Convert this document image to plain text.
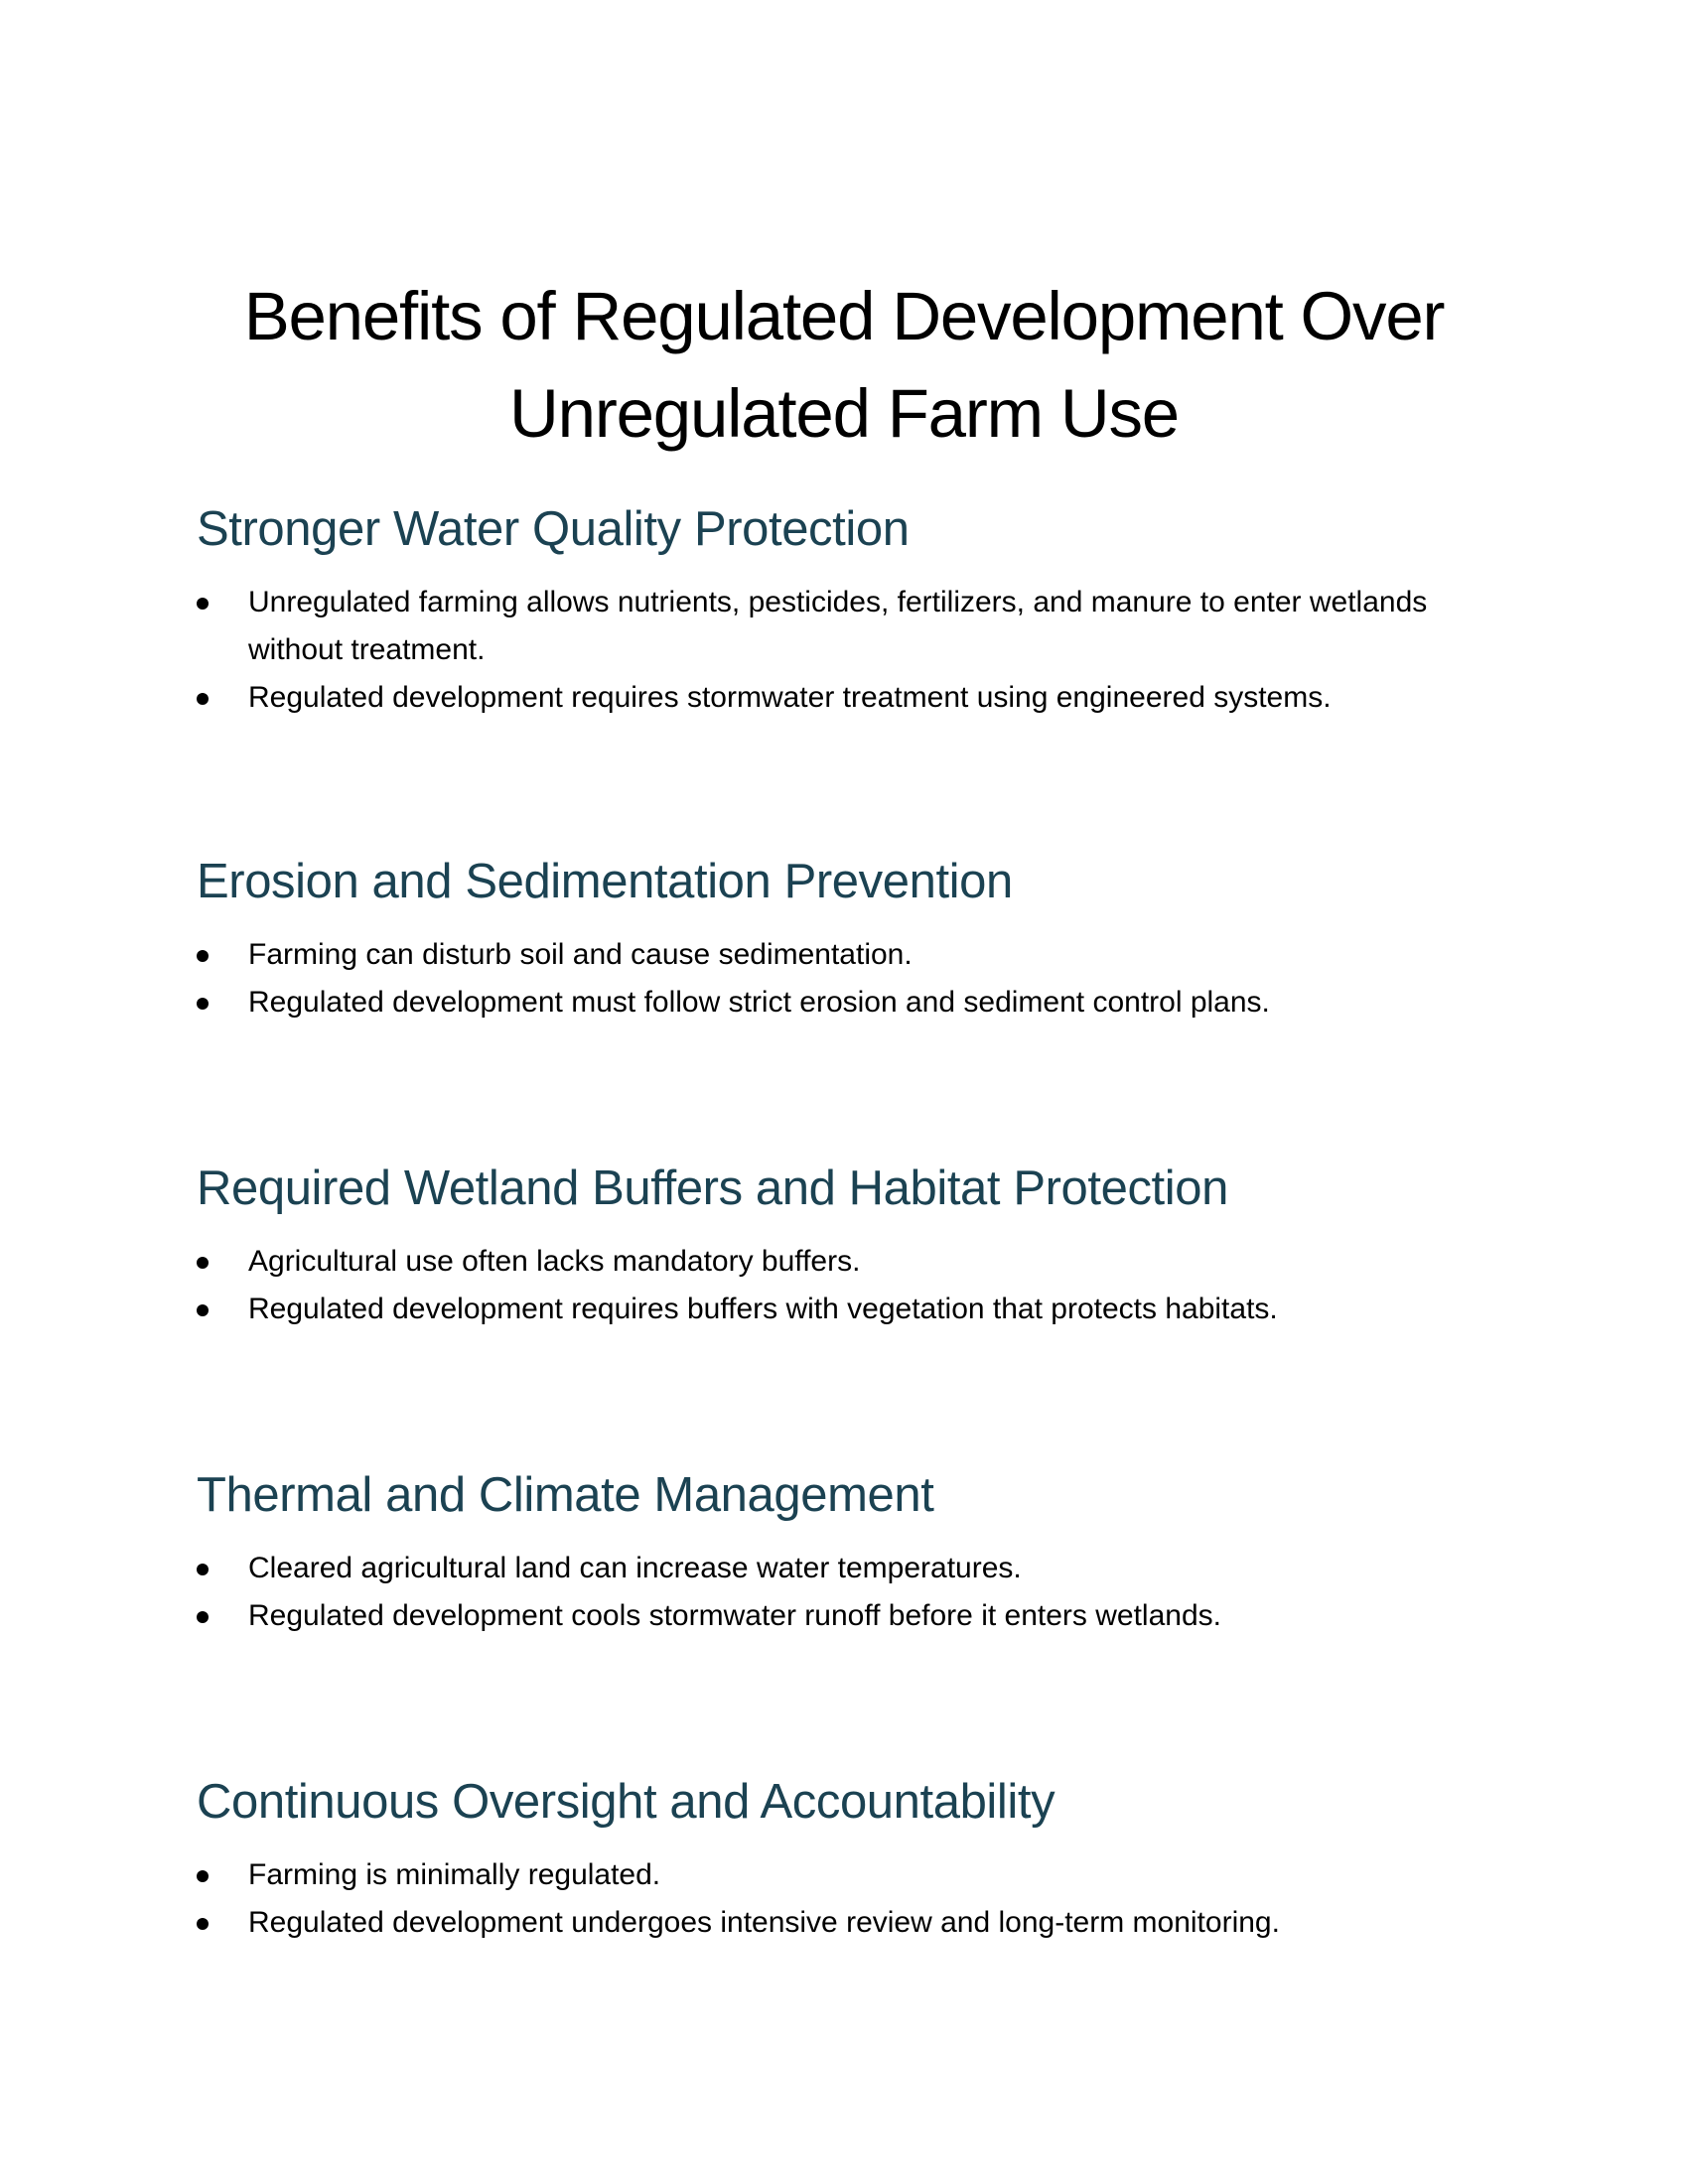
Benefits of Regulated Development Over Unregulated Farm Use
Stronger Water Quality Protection
Unregulated farming allows nutrients, pesticides, fertilizers, and manure to enter wetlands without treatment.
Regulated development requires stormwater treatment using engineered systems.
Erosion and Sedimentation Prevention
Farming can disturb soil and cause sedimentation.
Regulated development must follow strict erosion and sediment control plans.
Required Wetland Buffers and Habitat Protection
Agricultural use often lacks mandatory buffers.
Regulated development requires buffers with vegetation that protects habitats.
Thermal and Climate Management
Cleared agricultural land can increase water temperatures.
Regulated development cools stormwater runoff before it enters wetlands.
Continuous Oversight and Accountability
Farming is minimally regulated.
Regulated development undergoes intensive review and long-term monitoring.
